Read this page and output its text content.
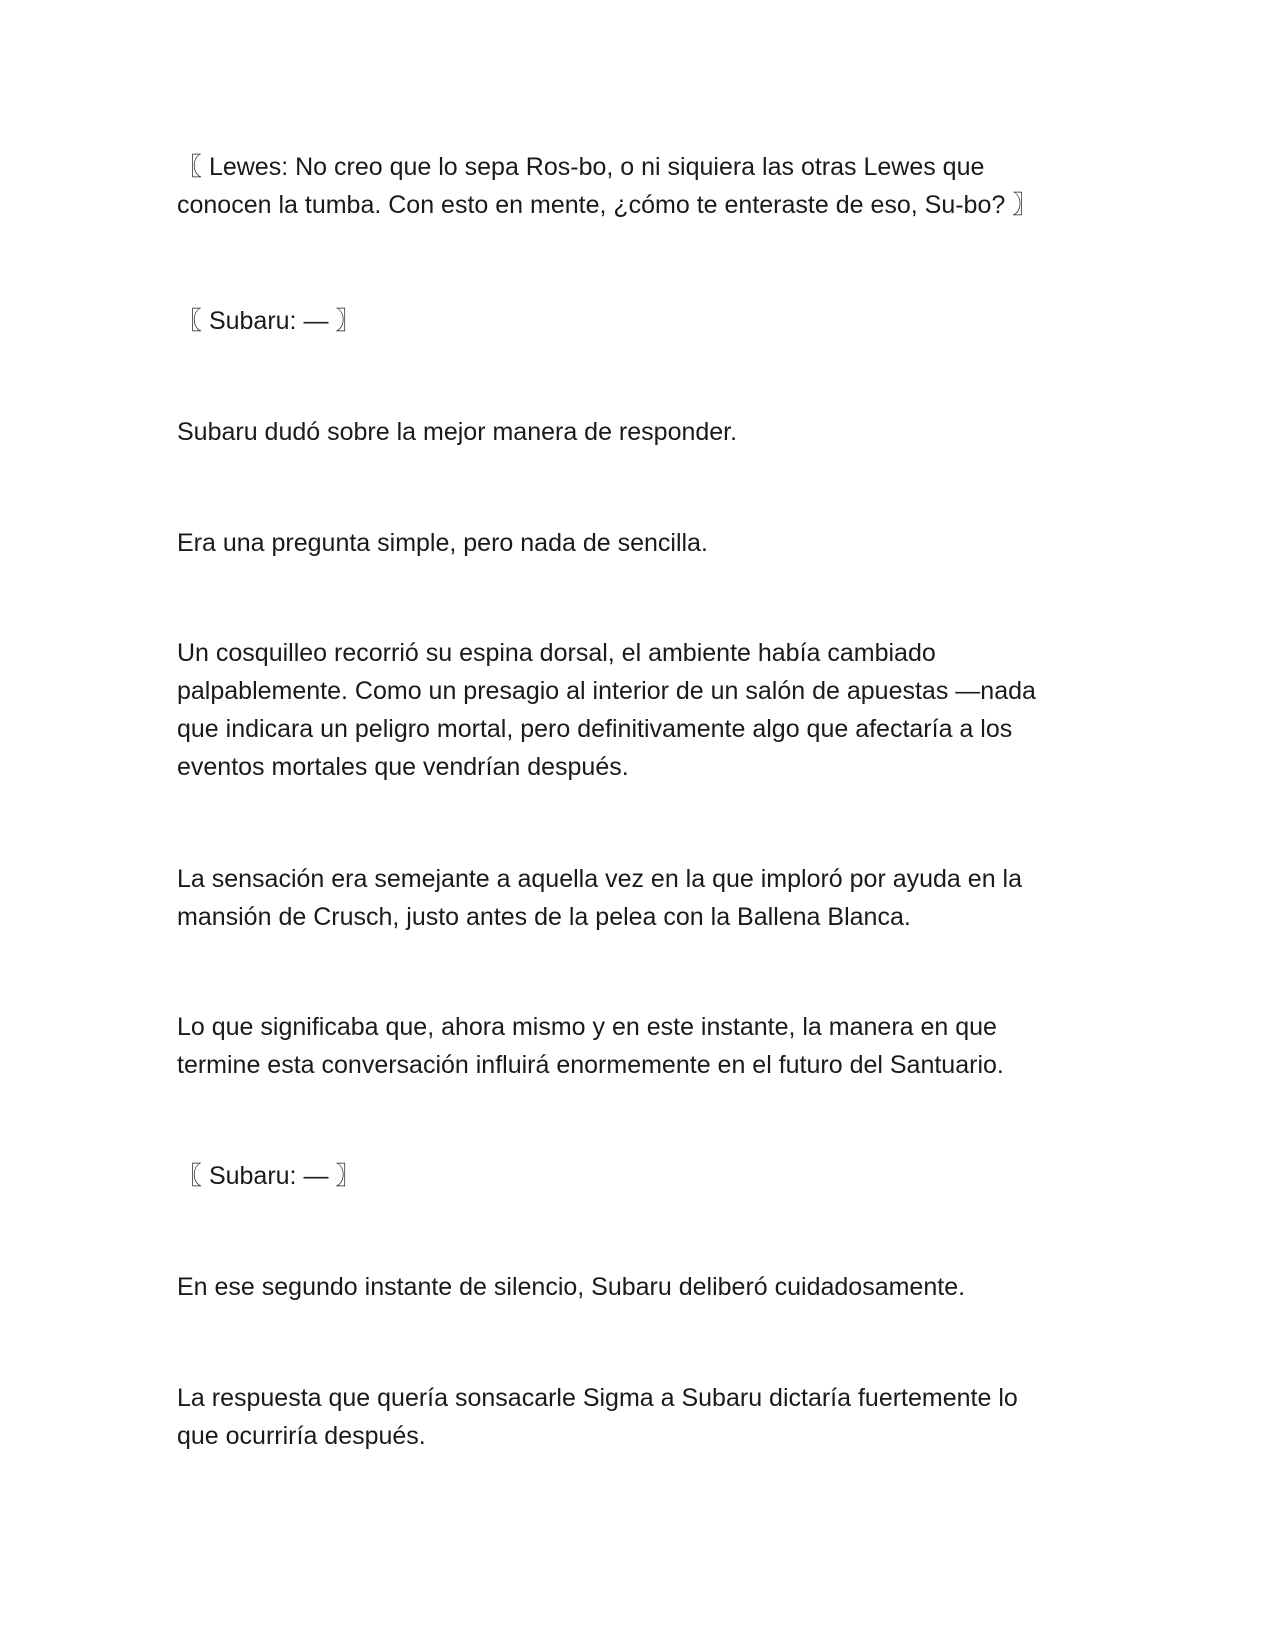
〖 Lewes: No creo que lo sepa Ros-bo, o ni siquiera las otras Lewes que
conocen la tumba. Con esto en mente, ¿cómo te enteraste de eso, Su-bo? 〗

〖 Subaru: — 〗

Subaru dudó sobre la mejor manera de responder.

Era una pregunta simple, pero nada de sencilla.

Un cosquilleo recorrió su espina dorsal, el ambiente había cambiado
palpablemente. Como un presagio al interior de un salón de apuestas —nada
que indicara un peligro mortal, pero definitivamente algo que afectaría a los
eventos mortales que vendrían después.

La sensación era semejante a aquella vez en la que imploró por ayuda en la
mansión de Crusch, justo antes de la pelea con la Ballena Blanca.

Lo que significaba que, ahora mismo y en este instante, la manera en que
termine esta conversación influirá enormemente en el futuro del Santuario.

〖 Subaru: — 〗

En ese segundo instante de silencio, Subaru deliberó cuidadosamente.

La respuesta que quería sonsacarle Sigma a Subaru dictaría fuertemente lo
que ocurriría después.
